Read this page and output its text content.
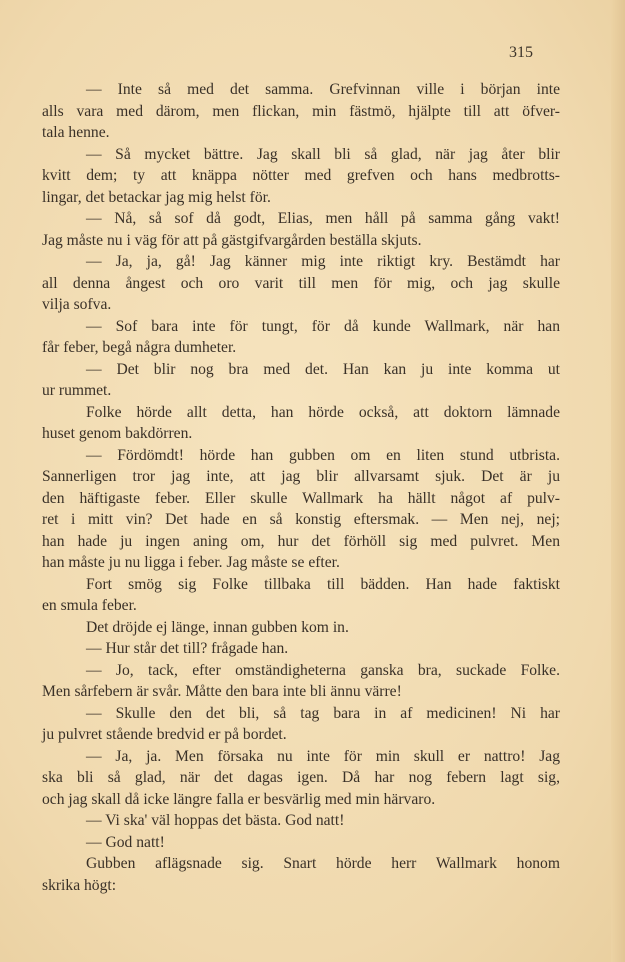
315
— Inte så med det samma. Grefvinnan ville i början inte
alls vara med därom, men flickan, min fästmö, hjälpte till att öfver-
tala henne.
— Så mycket bättre. Jag skall bli så glad, när jag åter blir
kvitt dem; ty att knäppa nötter med grefven och hans medbrotts-
lingar, det betackar jag mig helst för.
— Nå, så sof då godt, Elias, men håll på samma gång vakt!
Jag måste nu i väg för att på gästgifvargården beställa skjuts.
— Ja, ja, gå! Jag känner mig inte riktigt kry. Bestämdt har
all denna ångest och oro varit till men för mig, och jag skulle
vilja sofva.
— Sof bara inte för tungt, för då kunde Wallmark, när han
får feber, begå några dumheter.
— Det blir nog bra med det. Han kan ju inte komma ut
ur rummet.
Folke hörde allt detta, han hörde också, att doktorn lämnade
huset genom bakdörren.
— Fördömdt! hörde han gubben om en liten stund utbrista.
Sannerligen tror jag inte, att jag blir allvarsamt sjuk. Det är ju
den häftigaste feber. Eller skulle Wallmark ha hällt något af pulv-
ret i mitt vin? Det hade en så konstig eftersmak. — Men nej, nej;
han hade ju ingen aning om, hur det förhöll sig med pulvret. Men
han måste ju nu ligga i feber. Jag måste se efter.
Fort smög sig Folke tillbaka till bädden. Han hade faktiskt
en smula feber.
Det dröjde ej länge, innan gubben kom in.
— Hur står det till? frågade han.
— Jo, tack, efter omständigheterna ganska bra, suckade Folke.
Men sårfebern är svår. Måtte den bara inte bli ännu värre!
— Skulle den det bli, så tag bara in af medicinen! Ni har
ju pulvret stående bredvid er på bordet.
— Ja, ja. Men försaka nu inte för min skull er nattro! Jag
ska bli så glad, när det dagas igen. Då har nog febern lagt sig,
och jag skall då icke längre falla er besvärlig med min härvaro.
— Vi ska' väl hoppas det bästa. God natt!
— God natt!
Gubben aflägsnade sig. Snart hörde herr Wallmark honom
skrika högt:
